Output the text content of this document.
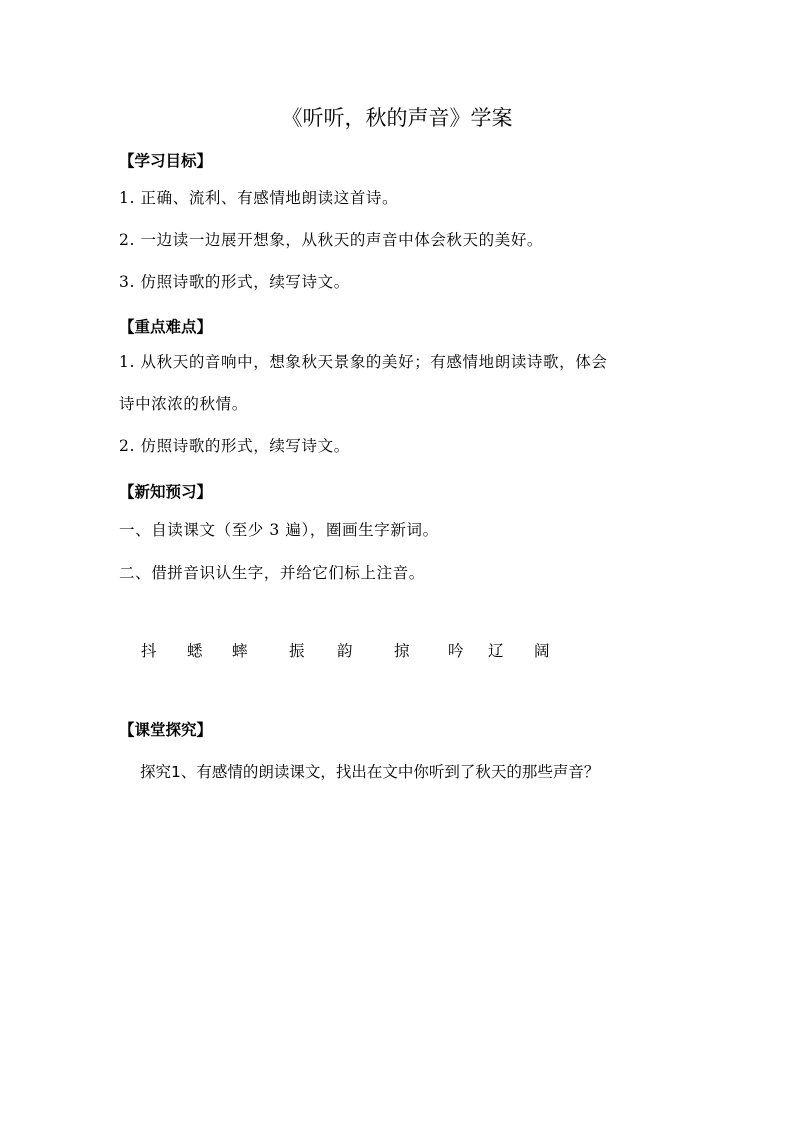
《听听，秋的声音》学案
【学习目标】
1. 正确、流利、有感情地朗读这首诗。
2. 一边读一边展开想象，从秋天的声音中体会秋天的美好。
3. 仿照诗歌的形式，续写诗文。
【重点难点】
1. 从秋天的音响中，想象秋天景象的美好；有感情地朗读诗歌，体会
诗中浓浓的秋情。
2. 仿照诗歌的形式，续写诗文。
【新知预习】
一、自读课文（至少 3 遍），圈画生字新词。
二、借拼音识认生字，并给它们标上注音。
抖 蟋 蟀	振 韵	掠 吟 辽 阔
【课堂探究】
探究1、有感情的朗读课文，找出在文中你听到了秋天的那些声音？
